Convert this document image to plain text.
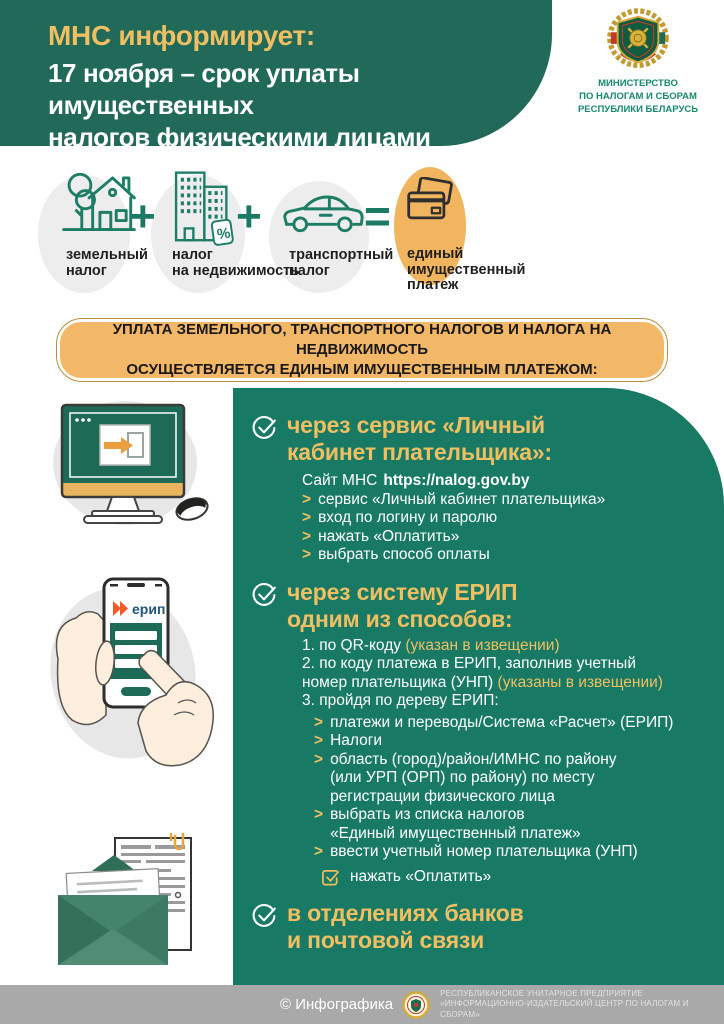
МНС информирует:
17 ноября – срок уплаты имущественных
налогов физическими лицами
МИНИСТЕРСТВО
ПО НАЛОГАМ И СБОРАМ
РЕСПУБЛИКИ БЕЛАРУСЬ
%
+ + =
земельный
налог
налог
на недвижимость
транспортный
налог
единый
имущественный
платеж
УПЛАТА ЗЕМЕЛЬНОГО, ТРАНСПОРТНОГО НАЛОГОВ И НАЛОГА НА НЕДВИЖИМОСТЬ
ОСУЩЕСТВЛЯЕТСЯ ЕДИНЫМ ИМУЩЕСТВЕННЫМ ПЛАТЕЖОМ:
ерип
через сервис «Личный
кабинет плательщика»:
Сайт МНС https://nalog.gov.by
> сервис «Личный кабинет плательщика»
> вход по логину и паролю
> нажать «Оплатить»
> выбрать способ оплаты
через систему ЕРИП
одним из способов:
1. по QR-коду (указан в извещении)
2. по коду платежа в ЕРИП, заполнив учетный
номер плательщика (УНП) (указаны в извещении)
3. пройдя по дереву ЕРИП:
> платежи и переводы/Система «Расчет» (ЕРИП)
> Налоги
> область (город)/район/ИМНС по району
(или УРП (ОРП) по району) по месту
регистрации физического лица
> выбрать из списка налогов
«Единый имущественный платеж»
> ввести учетный номер плательщика (УНП)
нажать «Оплатить»
в отделениях банков
и почтовой связи
© Инфографика
РЕСПУБЛИКАНСКОЕ УНИТАРНОЕ ПРЕДПРИЯТИЕ
«ИНФОРМАЦИОННО-ИЗДАТЕЛЬСКИЙ ЦЕНТР ПО НАЛОГАМ И СБОРАМ»
